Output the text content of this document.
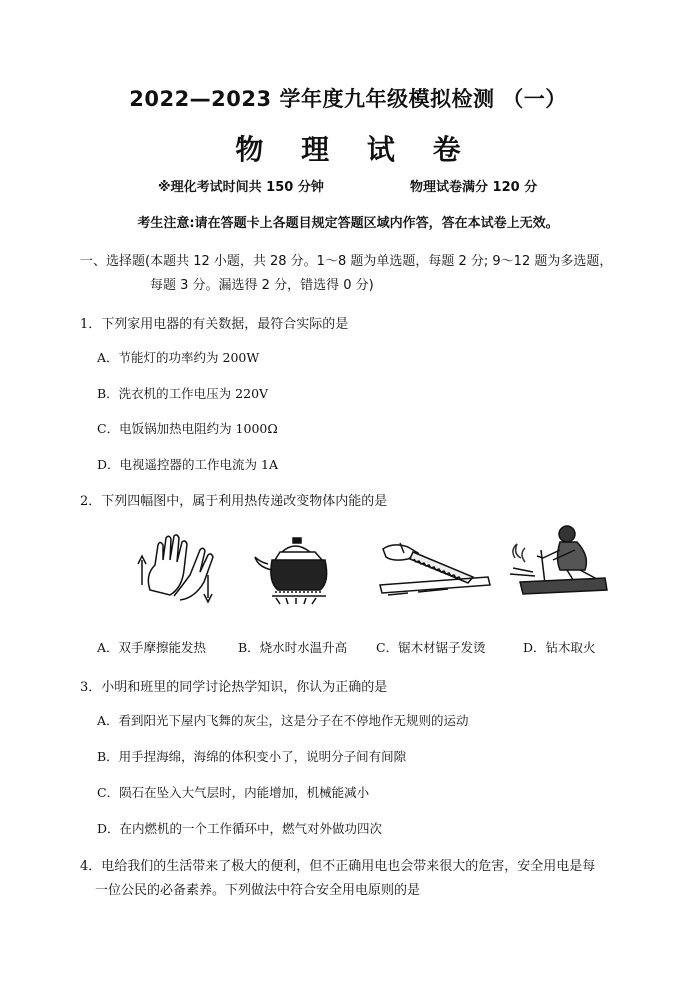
2022—2023 学年度九年级模拟检测 （一）
物 理 试 卷
※理化考试时间共 150 分钟	物理试卷满分 120 分
考生注意:请在答题卡上各题目规定答题区域内作答，答在本试卷上无效。
一、选择题(本题共 12 小题，共 28 分。1～8 题为单选题，每题 2 分; 9～12 题为多选题，
每题 3 分。漏选得 2 分，错选得 0 分)
1．下列家用电器的有关数据，最符合实际的是
A．节能灯的功率约为 200W
B．洗衣机的工作电压为 220V
C．电饭锅加热电阻约为 1000Ω
D．电视遥控器的工作电流为 1A
2．下列四幅图中，属于利用热传递改变物体内能的是
A．双手摩擦能发热	B．烧水时水温升高 C．锯木材锯子发烫	D．钻木取火
3．小明和班里的同学讨论热学知识，你认为正确的是
A．看到阳光下屋内飞舞的灰尘，这是分子在不停地作无规则的运动
B．用手捏海绵，海绵的体积变小了，说明分子间有间隙
C．陨石在坠入大气层时，内能增加，机械能减小
D．在内燃机的一个工作循环中，燃气对外做功四次
4．电给我们的生活带来了极大的便利，但不正确用电也会带来很大的危害，安全用电是每
一位公民的必备素养。下列做法中符合安全用电原则的是
